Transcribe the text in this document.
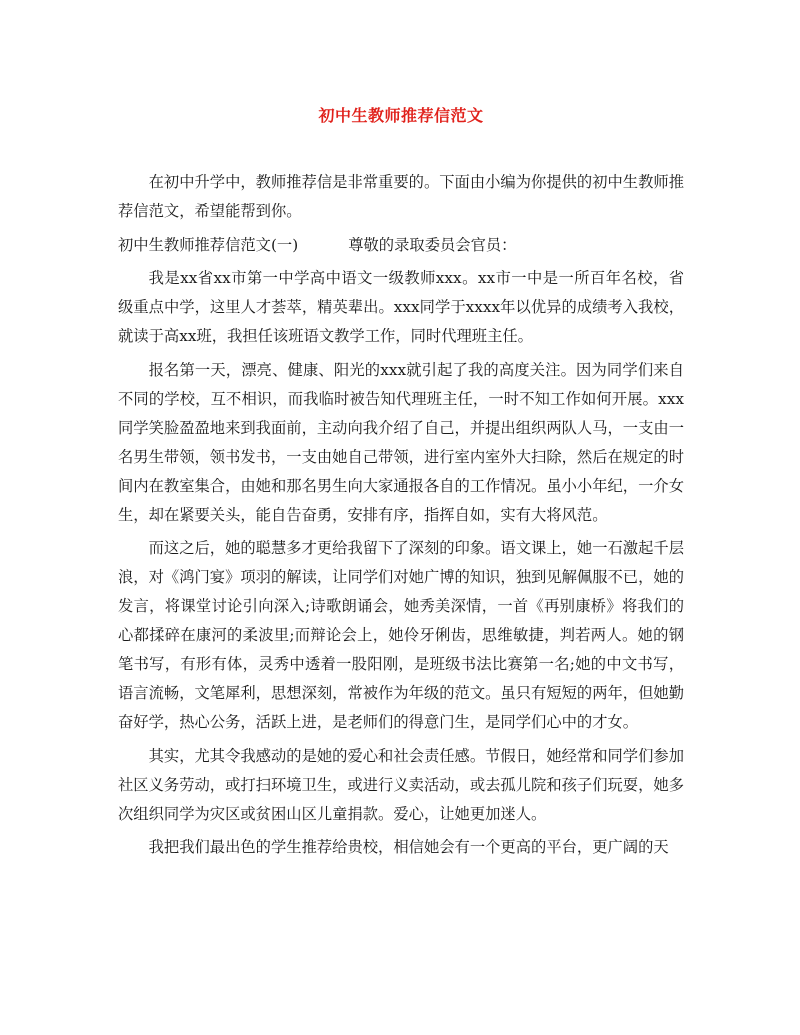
初中生教师推荐信范文

在初中升学中，教师推荐信是非常重要的。下面由小编为你提供的初中生教师推荐信范文，希望能帮到你。

初中生教师推荐信范文(一)	尊敬的录取委员会官员：

我是xx省xx市第一中学高中语文一级教师xxx。xx市一中是一所百年名校，省级重点中学，这里人才荟萃，精英辈出。xxx同学于xxxx年以优异的成绩考入我校，就读于高xx班，我担任该班语文教学工作，同时代理班主任。

报名第一天，漂亮、健康、阳光的xxx就引起了我的高度关注。因为同学们来自不同的学校，互不相识，而我临时被告知代理班主任，一时不知工作如何开展。xxx同学笑脸盈盈地来到我面前，主动向我介绍了自己，并提出组织两队人马，一支由一名男生带领，领书发书，一支由她自己带领，进行室内室外大扫除，然后在规定的时间内在教室集合，由她和那名男生向大家通报各自的工作情况。虽小小年纪，一介女生，却在紧要关头，能自告奋勇，安排有序，指挥自如，实有大将风范。

而这之后，她的聪慧多才更给我留下了深刻的印象。语文课上，她一石激起千层浪，对《鸿门宴》项羽的解读，让同学们对她广博的知识，独到见解佩服不已，她的发言，将课堂讨论引向深入;诗歌朗诵会，她秀美深情，一首《再别康桥》将我们的心都揉碎在康河的柔波里;而辩论会上，她伶牙俐齿，思维敏捷，判若两人。她的钢笔书写，有形有体，灵秀中透着一股阳刚，是班级书法比赛第一名;她的中文书写，语言流畅，文笔犀利，思想深刻，常被作为年级的范文。虽只有短短的两年，但她勤奋好学，热心公务，活跃上进，是老师们的得意门生，是同学们心中的才女。

其实，尤其令我感动的是她的爱心和社会责任感。节假日，她经常和同学们参加社区义务劳动，或打扫环境卫生，或进行义卖活动，或去孤儿院和孩子们玩耍，她多次组织同学为灾区或贫困山区儿童捐款。爱心，让她更加迷人。

我把我们最出色的学生推荐给贵校，相信她会有一个更高的平台，更广阔的天
